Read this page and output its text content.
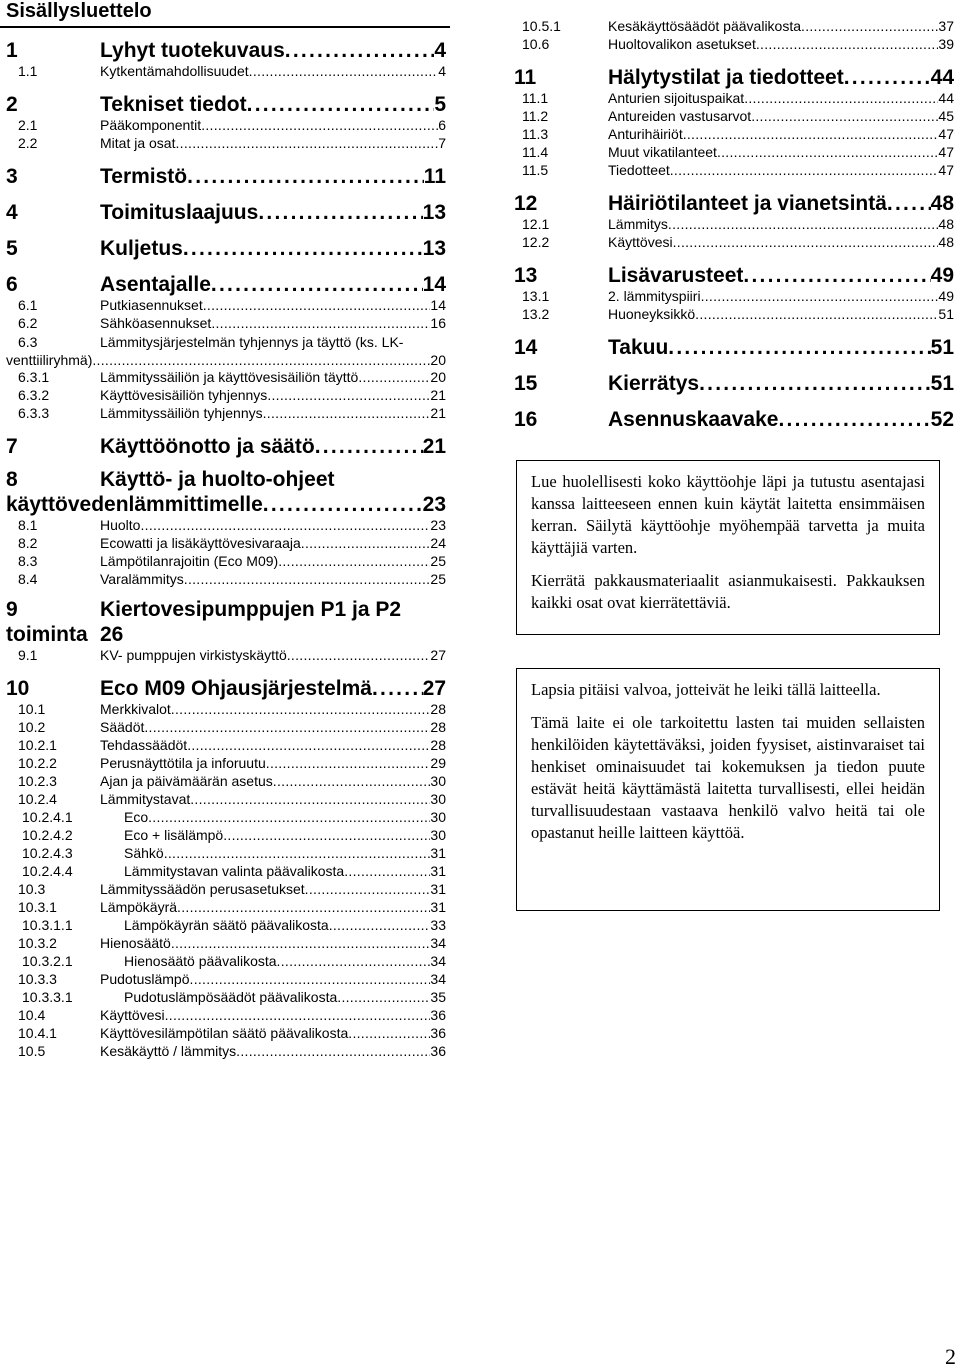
Sisällysluettelo
1	Lyhyt tuotekuvaus . . .	4
1.1	Kytkentämahdollisuudet . . .	4
2	Tekniset tiedot . . .	5
2.1	Pääkomponentit . . .	6
2.2	Mitat ja osat . . .	7
3	Termistö . . .	11
4	Toimituslaajuus . . .	13
5	Kuljetus . . .	13
6	Asentajalle . . .	14
6.1	Putkiasennukset . . .	14
6.2	Sähköasennukset . . .	16
6.3	Lämmitysjärjestelmän tyhjennys ja täyttö (ks. LK-
venttiiliryhmä) . . .	20
6.3.1	Lämmityssäiliön ja käyttövesisäiliön täyttö . . .	20
6.3.2	Käyttövesisäiliön tyhjennys . . .	21
6.3.3	Lämmityssäiliön tyhjennys . . .	21
7	Käyttöönotto ja säätö . . .	21
8	Käyttö- ja huolto-ohjeet
käyttövedenlämmittimelle . . .	23
8.1	Huolto . . .	23
8.2	Ecowatti ja lisäkäyttövesivaraaja . . .	24
8.3	Lämpötilanrajoitin (Eco M09) . . .	25
8.4	Varalämmitys . . .	25
9	Kiertovesipumppujen P1 ja P2
toiminta 26
9.1	KV- pumppujen virkistyskäyttö . . .	27
10	Eco M09 Ohjausjärjestelmä . . . 27
10.1	Merkkivalot . . .	28
10.2	Säädöt . . .	28
10.2.1	Tehdassäädöt . . .	28
10.2.2	Perusnäyttötila ja inforuutu . . .	29
10.2.3	Ajan ja päivämäärän asetus . . .	30
10.2.4	Lämmitystavat . . .	30
10.2.4.1	Eco . . .	30
10.2.4.2	Eco + lisälämpö . . .	30
10.2.4.3	Sähkö . . .	31
10.2.4.4	Lämmitystavan valinta päävalikosta . . .	31
10.3	Lämmityssäädön perusasetukset . . .	31
10.3.1	Lämpökäyrä . . .	31
10.3.1.1	Lämpökäyrän säätö päävalikosta . . .	33
10.3.2	Hienosäätö . . .	34
10.3.2.1	Hienosäätö päävalikosta . . .	34
10.3.3	Pudotuslämpö . . .	34
10.3.3.1	Pudotuslämpösäädöt päävalikosta . . .	35
10.4	Käyttövesi . . .	36
10.4.1	Käyttövesilämpötilan säätö päävalikosta . . .	36
10.5	Kesäkäyttö / lämmitys . . .	36
10.5.1	Kesäkäyttösäädöt päävalikosta . . .	37
10.6	Huoltovalikon asetukset . . .	39
11	Hälytystilat ja tiedotteet . . .	44
11.1	Anturien sijoituspaikat . . .	44
11.2	Antureiden vastusarvot . . .	45
11.3	Anturihäiriöt . . .	47
11.4	Muut vikatilanteet . . .	47
11.5	Tiedotteet . . .	47
12	Häiriötilanteet ja vianetsintä . . . 48
12.1	Lämmitys . . .	48
12.2	Käyttövesi . . .	48
13	Lisävarusteet . . .	49
13.1	2. lämmityspiiri . . .	49
13.2	Huoneyksikkö . . .	51
14	Takuu . . .	51
15	Kierrätys . . .	51
16	Asennuskaavake . . .	52

Lue huolellisesti koko käyttöohje läpi ja tutustu asentajasi kanssa laitteeseen ennen kuin käytät laitetta ensimmäisen kerran. Säilytä käyttöohje myöhempää tarvetta ja muita käyttäjiä varten.

Kierrätä pakkausmateriaalit asianmukaisesti. Pakkauksen kaikki osat ovat kierrätettäviä.

Lapsia pitäisi valvoa, jotteivät he leiki tällä laitteella.

Tämä laite ei ole tarkoitettu lasten tai muiden sellaisten henkilöiden käytettäväksi, joiden fyysiset, aistinvaraiset tai henkiset ominaisuudet tai kokemuksen ja tiedon puute estävät heitä käyttämästä laitetta turvallisesti, ellei heidän turvallisuudestaan vastaava henkilö valvo heitä tai ole opastanut heille laitteen käyttöä.

2
